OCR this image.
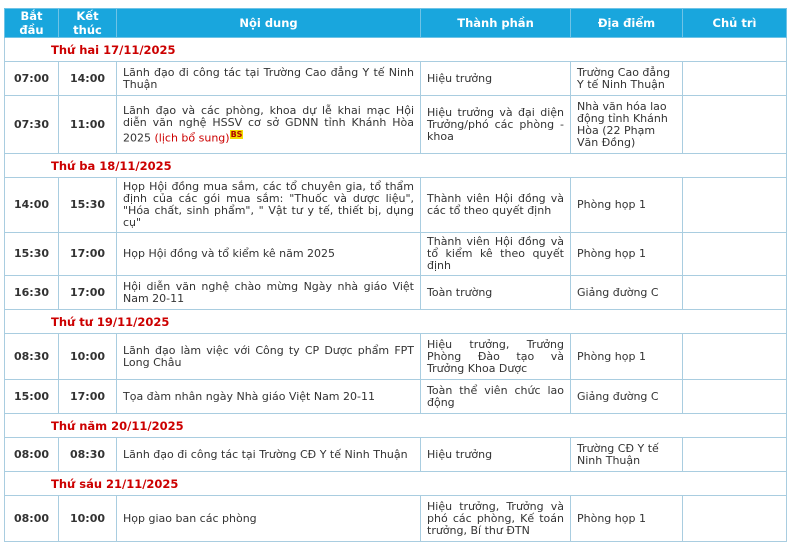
Bắt đầu	Kết thúc	Nội dung	Thành phần	Địa điểm	Chủ trì
Thứ hai 17/11/2025					
07:00	14:00	Lãnh đạo đi công tác tại Trường Cao đẳng Y tế Ninh Thuận	Hiệu trưởng	Trường Cao đẳng Y tế Ninh Thuận	
07:30	11:00	Lãnh đạo và các phòng, khoa dự lễ khai mạc Hội diễn văn nghệ HSSV cơ sở GDNN tỉnh Khánh Hòa 2025 (lịch bổ sung)$^{BS}$	Hiệu trưởng và đại diện Trưởng/phó các phòng - khoa	Nhà văn hóa lao động tỉnh Khánh Hòa (22 Phạm Văn Đồng)	
Thứ ba 18/11/2025					
14:00	15:30	Họp Hội đồng mua sắm, các tổ chuyên gia, tổ thẩm định của các gói mua sắm: "Thuốc và dược liệu", "Hóa chất, sinh phẩm", " Vật tư y tế, thiết bị, dụng cụ"	Thành viên Hội đồng và các tổ theo quyết định	Phòng họp 1	
15:30	17:00	Họp Hội đồng và tổ kiểm kê năm 2025	Thành viên Hội đồng và tổ kiểm kê theo quyết định	Phòng họp 1	
16:30	17:00	Hội diễn văn nghệ chào mừng Ngày nhà giáo Việt Nam 20-11	Toàn trường	Giảng đường C	
Thứ tư 19/11/2025					
08:30	10:00	Lãnh đạo làm việc với Công ty CP Dược phẩm FPT Long Châu	Hiệu trưởng, Trưởng Phòng Đào tạo và Trưởng Khoa Dược	Phòng họp 1	
15:00	17:00	Tọa đàm nhân ngày Nhà giáo Việt Nam 20-11	Toàn thể viên chức lao động	Giảng đường C	
Thứ năm 20/11/2025					
08:00	08:30	Lãnh đạo đi công tác tại Trường CĐ Y tế Ninh Thuận	Hiệu trưởng	Trường CĐ Y tế Ninh Thuận	
Thứ sáu 21/11/2025					
08:00	10:00	Họp giao ban các phòng	Hiệu trưởng, Trưởng và phó các phòng, Kế toán trưởng, Bí thư ĐTN	Phòng họp 1	
